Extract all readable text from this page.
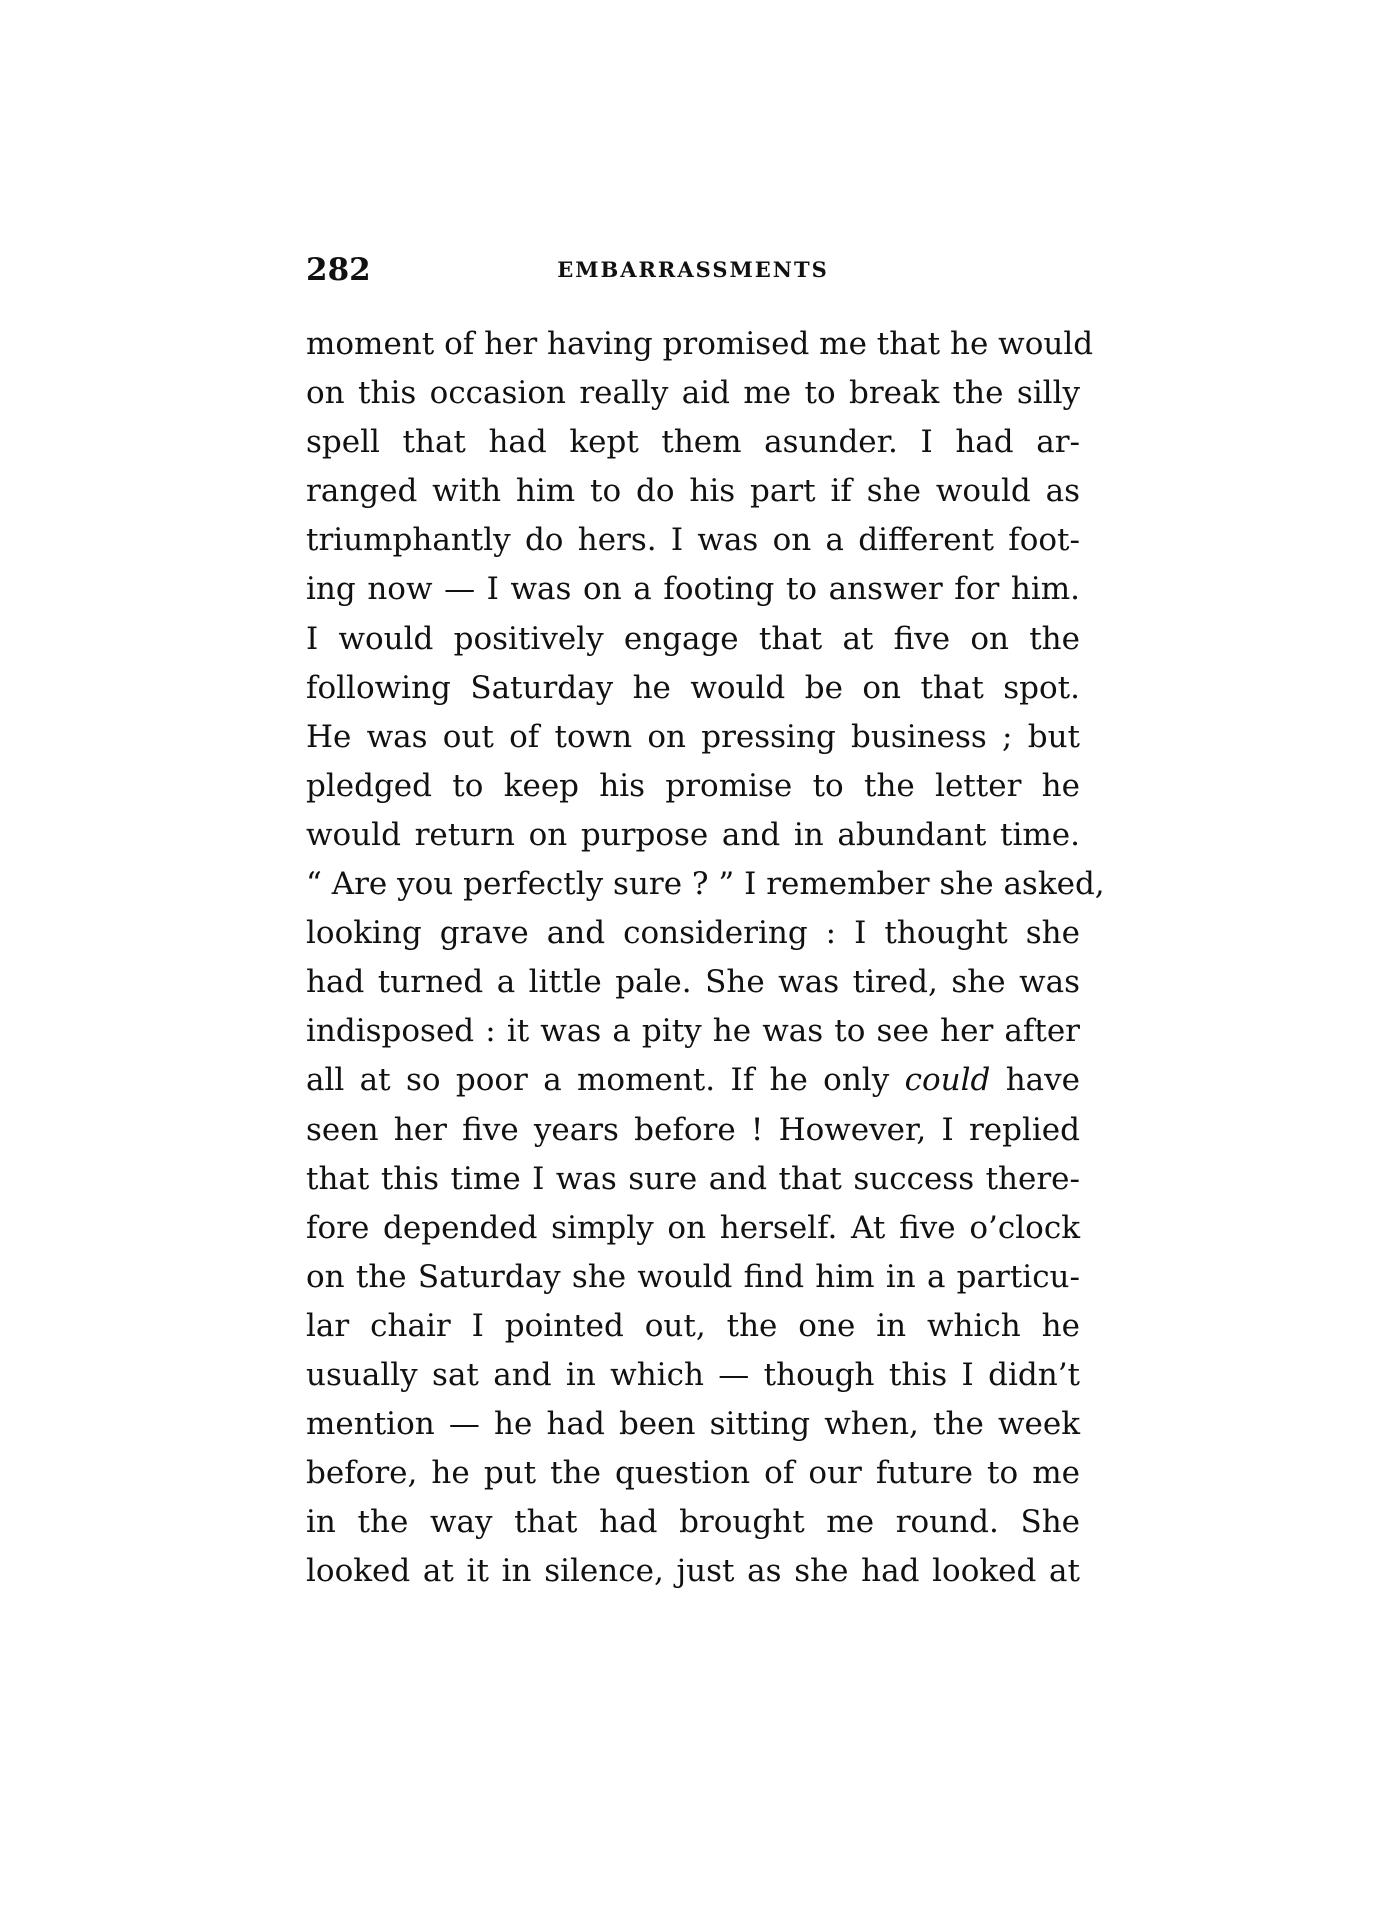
282	EMBARRASSMENTS
moment of her having promised me that he would
on this occasion really aid me to break the silly
spell that had kept them asunder. I had ar-
ranged with him to do his part if she would as
triumphantly do hers. I was on a different foot-
ing now — I was on a footing to answer for him.
I would positively engage that at five on the
following Saturday he would be on that spot.
He was out of town on pressing business ; but
pledged to keep his promise to the letter he
would return on purpose and in abundant time.
“ Are you perfectly sure ? ” I remember she asked,
looking grave and considering : I thought she
had turned a little pale. She was tired, she was
indisposed : it was a pity he was to see her after
all at so poor a moment. If he only could have
seen her five years before ! However, I replied
that this time I was sure and that success there-
fore depended simply on herself. At five o’clock
on the Saturday she would find him in a particu-
lar chair I pointed out, the one in which he
usually sat and in which — though this I didn’t
mention — he had been sitting when, the week
before, he put the question of our future to me
in the way that had brought me round. She
looked at it in silence, just as she had looked at
